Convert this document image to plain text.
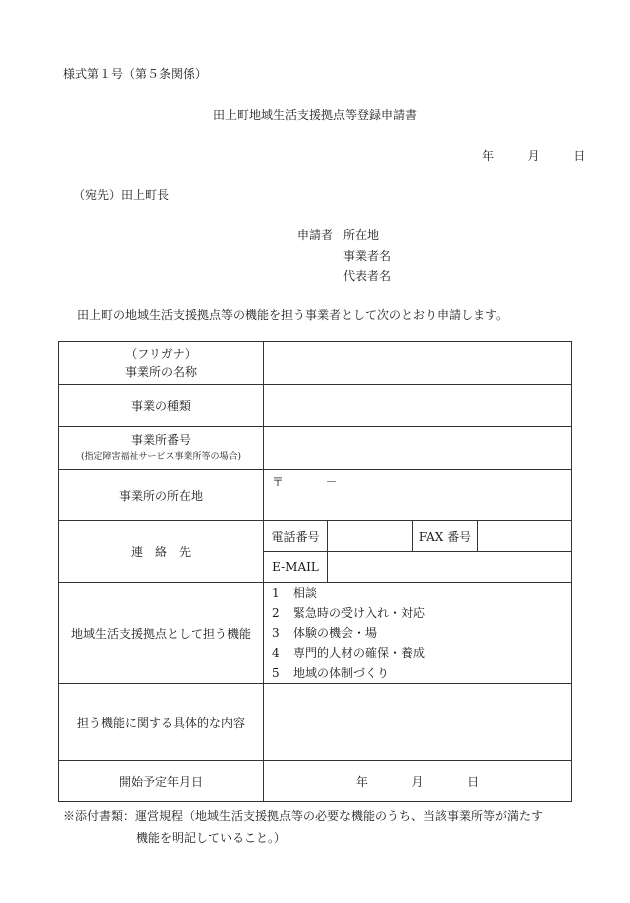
様式第１号（第５条関係）
田上町地域生活支援拠点等登録申請書
年	月	日
（宛先）田上町長
申請者 所在地
事業者名
代表者名
田上町の地域生活支援拠点等の機能を担う事業者として次のとおり申請します。
（フリガナ）
事業所の名称				

事業の種類				

事業所番号
(指定障害福祉サービス事業所等の場合)				

事業所の所在地	〒 －			

連　絡　先	電話番号		FAX 番号	
	E-MAIL			
地域生活支援拠点として担う機能	1 相談
2 緊急時の受け入れ・対応
3 体験の機会・場
4 専門的人材の確保・養成
5 地域の体制づくり			

担う機能に関する具体的な内容				
開始予定年月日	年 月 日			
※添付書類：運営規程（地域生活支援拠点等の必要な機能のうち、当該事業所等が満たす
機能を明記していること。）
